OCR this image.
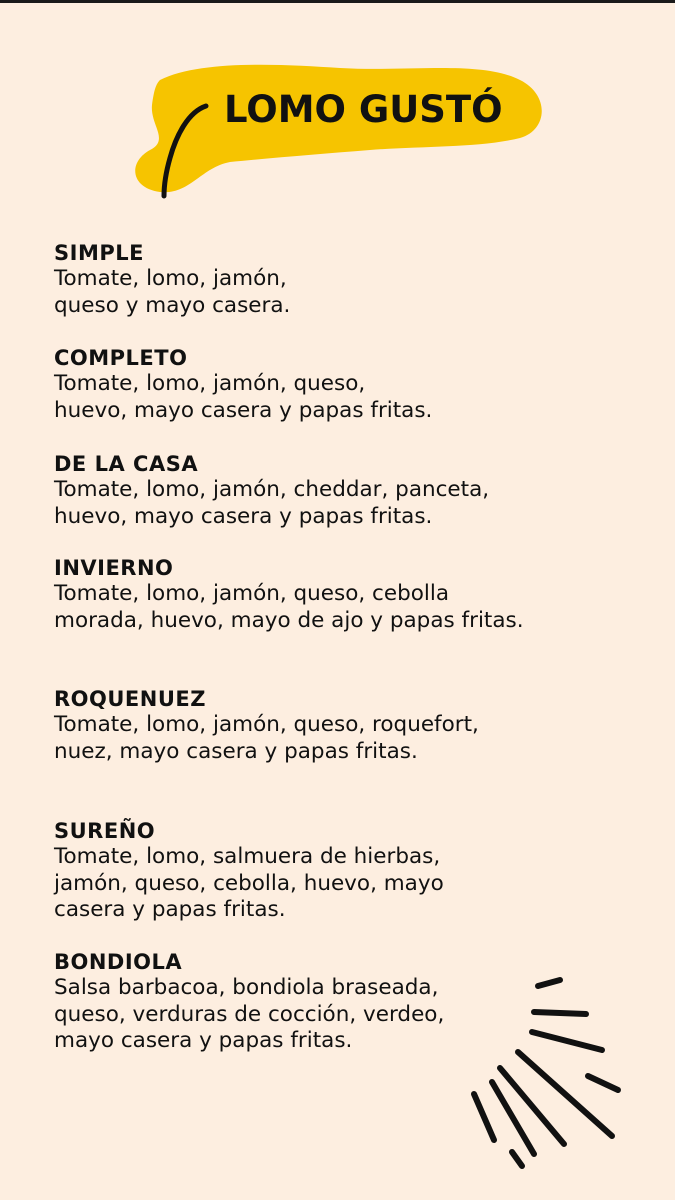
LOMO GUSTÓ
SIMPLE
Tomate, lomo, jamón,
queso y mayo casera.
COMPLETO
Tomate, lomo, jamón, queso,
huevo, mayo casera y papas fritas.
DE LA CASA
Tomate, lomo, jamón, cheddar, panceta,
huevo, mayo casera y papas fritas.
INVIERNO
Tomate, lomo, jamón, queso, cebolla
morada, huevo, mayo de ajo y papas fritas.
ROQUENUEZ
Tomate, lomo, jamón, queso, roquefort,
nuez, mayo casera y papas fritas.
SUREÑO
Tomate, lomo, salmuera de hierbas,
jamón, queso, cebolla, huevo, mayo
casera y papas fritas.
BONDIOLA
Salsa barbacoa, bondiola braseada,
queso, verduras de cocción, verdeo,
mayo casera y papas fritas.
